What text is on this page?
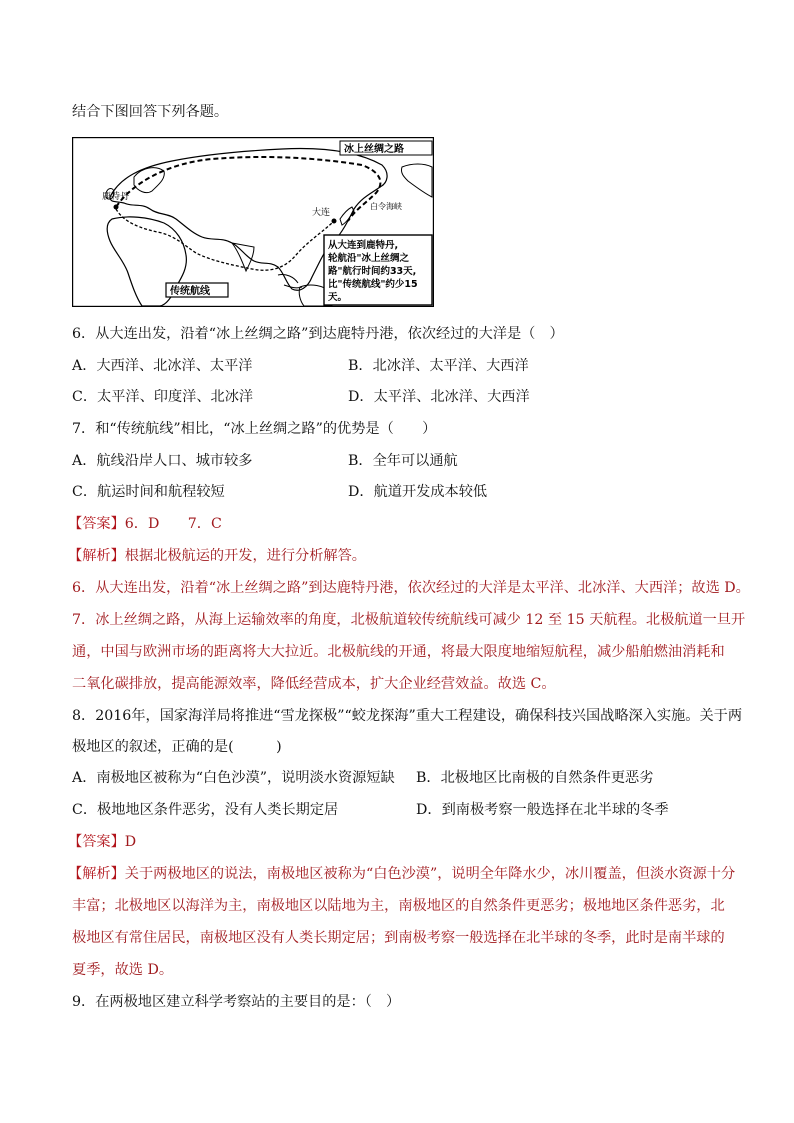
结合下图回答下列各题。
冰上丝绸之路
鹿特丹
大连
白令海峡
传统航线
从大连到鹿特丹,
轮航沿"冰上丝绸之
路"航行时间约33天,
比"传统航线"约少15
天。
6．从大连出发，沿着“冰上丝绸之路”到达鹿特丹港，依次经过的大洋是（　）
A．大西洋、北冰洋、太平洋	B．北冰洋、太平洋、大西洋
C．太平洋、印度洋、北冰洋	D．太平洋、北冰洋、大西洋
7．和“传统航线”相比，“冰上丝绸之路”的优势是（　　）
A．航线沿岸人口、城市较多	B．全年可以通航
C．航运时间和航程较短	D．航道开发成本较低
【答案】6．D　　7．C
【解析】根据北极航运的开发，进行分析解答。
6．从大连出发，沿着“冰上丝绸之路”到达鹿特丹港，依次经过的大洋是太平洋、北冰洋、大西洋；故选 D。
7．冰上丝绸之路，从海上运输效率的角度，北极航道较传统航线可减少 12 至 15 天航程。北极航道一旦开
通，中国与欧洲市场的距离将大大拉近。北极航线的开通，将最大限度地缩短航程，减少船舶燃油消耗和
二氧化碳排放，提高能源效率，降低经营成本，扩大企业经营效益。故选 C。
8．2016年，国家海洋局将推进“雪龙探极”“蛟龙探海”重大工程建设，确保科技兴国战略深入实施。关于两
极地区的叙述，正确的是(　　　)
A．南极地区被称为“白色沙漠”，说明淡水资源短缺 B．北极地区比南极的自然条件更恶劣
C．极地地区条件恶劣，没有人类长期定居	D．到南极考察一般选择在北半球的冬季
【答案】D
【解析】关于两极地区的说法，南极地区被称为“白色沙漠”，说明全年降水少，冰川覆盖，但淡水资源十分
丰富；北极地区以海洋为主，南极地区以陆地为主，南极地区的自然条件更恶劣；极地地区条件恶劣，北
极地区有常住居民，南极地区没有人类长期定居；到南极考察一般选择在北半球的冬季，此时是南半球的
夏季，故选 D。
9．在两极地区建立科学考察站的主要目的是：（　）
